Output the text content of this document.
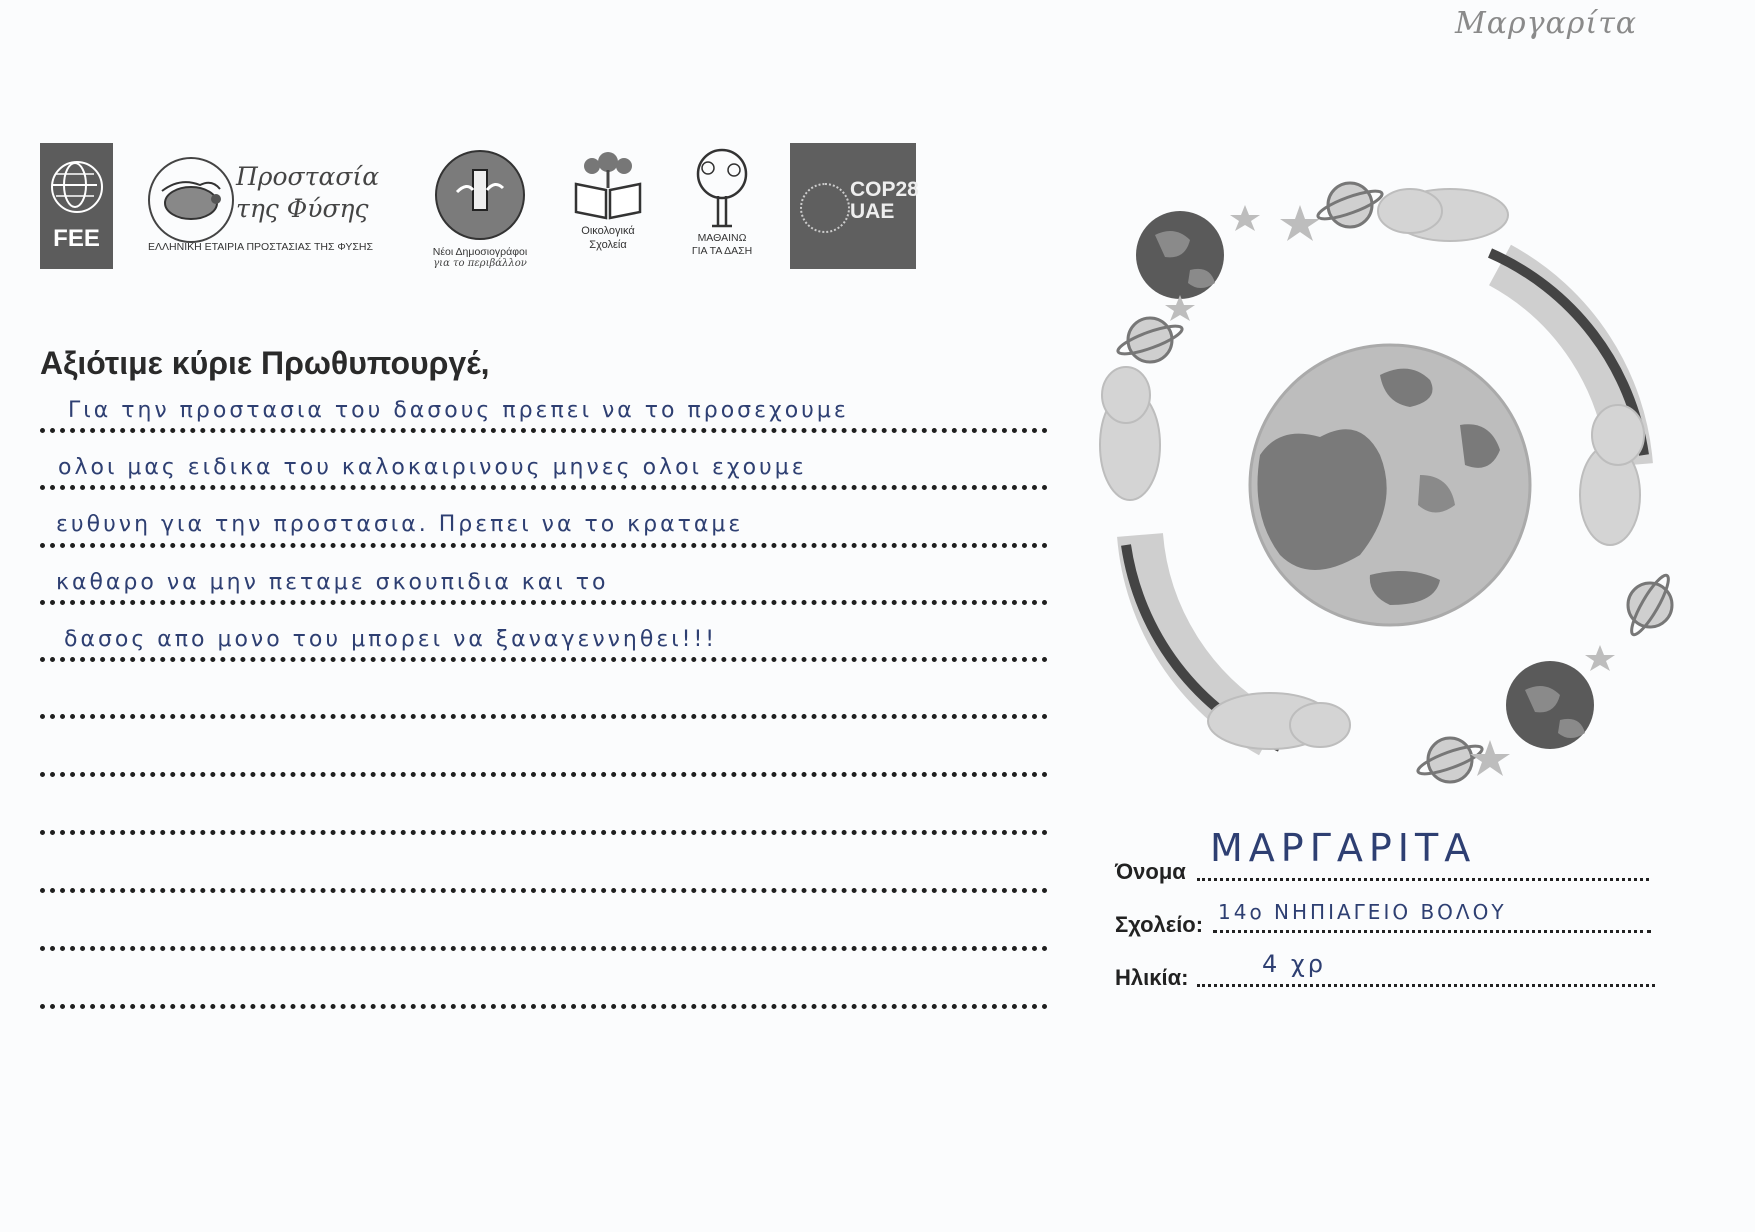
Μαργαρίτα
FEE
Προστασία
της Φύσης
ΕΛΛΗΝΙΚΗ ΕΤΑΙΡΙΑ ΠΡΟΣΤΑΣΙΑΣ ΤΗΣ ΦΥΣΗΣ	Νέοι Δημοσιογράφοι
για το περιβάλλον
Οικολογικά
Σχολεία
ΜΑΘΑΙΝΩ
ΓΙΑ ΤΑ ΔΑΣΗ
COP28
UAE
Αξιότιμε κύριε Πρωθυπουργέ,
Για την προστασια του δασους πρεπει να το προσεχουμε
ολοι μας ειδικα του καλοκαιρινους μηνες ολοι εχουμε
ευθυνη για την προστασια. Πρεπει να το κραταμε
καθαρο να μην πεταμε σκουπιδια και το
δασος απο μονο του μπορει να ξαναγεννηθει!!!
Όνομα
ΜΑΡΓΑΡΙΤΑ
Σχολείο: 14ο ΝΗΠΙΑΓΕΙΟ ΒΟΛΟΥ
Ηλικία:	4 χρ
